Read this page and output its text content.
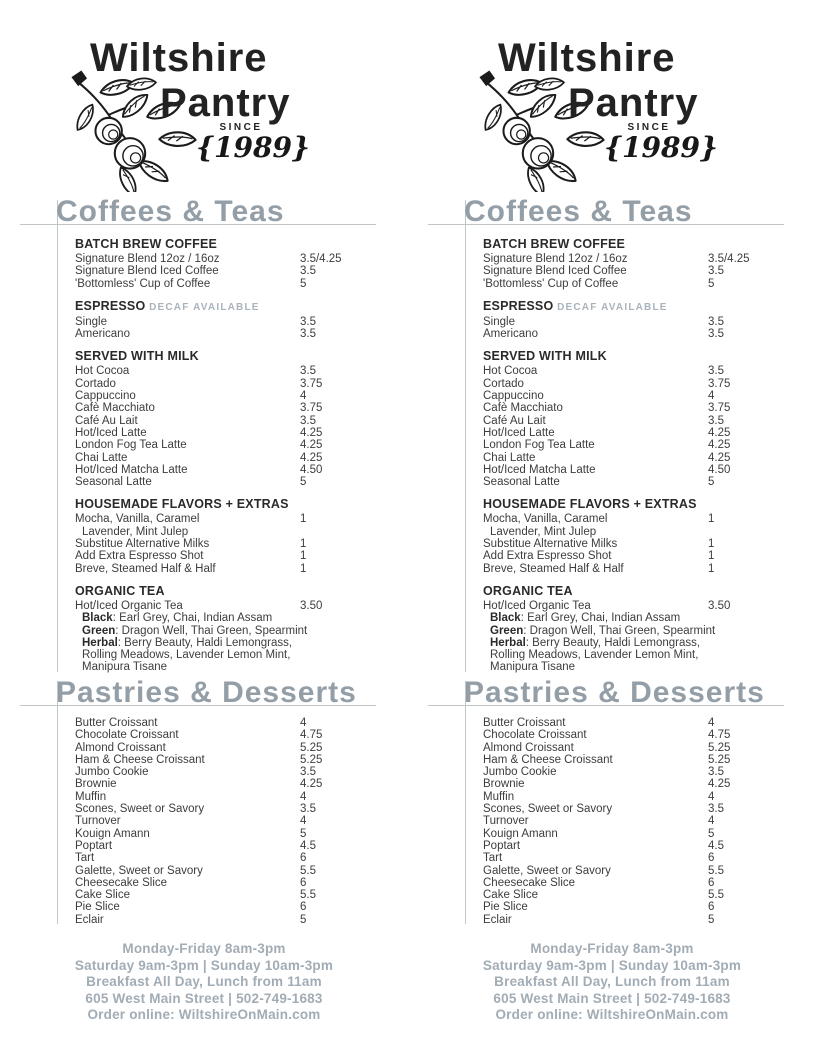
Wiltshire
Pantry
SINCE
{1989}
Coffees & Teas
BATCH BREW COFFEE
Signature Blend 12oz / 16oz	3.5/4.25
Signature Blend Iced Coffee	3.5
'Bottomless' Cup of Coffee	5
ESPRESSO DECAF AVAILABLE
Single	3.5
Americano	3.5
SERVED WITH MILK
Hot Cocoa	3.5
Cortado	3.75
Cappuccino	4
Cafè Macchiato	3.75
Café Au Lait	3.5
Hot/Iced Latte	4.25
London Fog Tea Latte	4.25
Chai Latte	4.25
Hot/Iced Matcha Latte	4.50
Seasonal Latte	5
HOUSEMADE FLAVORS + EXTRAS
Mocha, Vanilla, Caramel	1
Lavender, Mint Julep
Substitue Alternative Milks	1
Add Extra Espresso Shot	1
Breve, Steamed Half & Half	1
ORGANIC TEA
Hot/Iced Organic Tea	3.50
Black: Earl Grey, Chai, Indian Assam
Green: Dragon Well, Thai Green, Spearmint
Herbal: Berry Beauty, Haldi Lemongrass, Rolling Meadows, Lavender Lemon Mint, Manipura Tisane
Pastries & Desserts
Butter Croissant	4
Chocolate Croissant	4.75
Almond Croissant	5.25
Ham & Cheese Croissant	5.25
Jumbo Cookie	3.5
Brownie	4.25
Muffin	4
Scones, Sweet or Savory	3.5
Turnover	4
Kouign Amann	5
Poptart	4.5
Tart	6
Galette, Sweet or Savory	5.5
Cheesecake Slice	6
Cake Slice	5.5
Pie Slice	6
Eclair	5
Monday-Friday 8am-3pm
Saturday 9am-3pm | Sunday 10am-3pm
Breakfast All Day, Lunch from 11am
605 West Main Street | 502-749-1683
Order online: WiltshireOnMain.com
Wiltshire
Pantry
SINCE
{1989}
Coffees & Teas
BATCH BREW COFFEE
Signature Blend 12oz / 16oz	3.5/4.25
Signature Blend Iced Coffee	3.5
'Bottomless' Cup of Coffee	5
ESPRESSO DECAF AVAILABLE
Single	3.5
Americano	3.5
SERVED WITH MILK
Hot Cocoa	3.5
Cortado	3.75
Cappuccino	4
Cafè Macchiato	3.75
Café Au Lait	3.5
Hot/Iced Latte	4.25
London Fog Tea Latte	4.25
Chai Latte	4.25
Hot/Iced Matcha Latte	4.50
Seasonal Latte	5
HOUSEMADE FLAVORS + EXTRAS
Mocha, Vanilla, Caramel	1
Lavender, Mint Julep
Substitue Alternative Milks	1
Add Extra Espresso Shot	1
Breve, Steamed Half & Half	1
ORGANIC TEA
Hot/Iced Organic Tea	3.50
Black: Earl Grey, Chai, Indian Assam
Green: Dragon Well, Thai Green, Spearmint
Herbal: Berry Beauty, Haldi Lemongrass, Rolling Meadows, Lavender Lemon Mint, Manipura Tisane
Pastries & Desserts
Butter Croissant	4
Chocolate Croissant	4.75
Almond Croissant	5.25
Ham & Cheese Croissant	5.25
Jumbo Cookie	3.5
Brownie	4.25
Muffin	4
Scones, Sweet or Savory	3.5
Turnover	4
Kouign Amann	5
Poptart	4.5
Tart	6
Galette, Sweet or Savory	5.5
Cheesecake Slice	6
Cake Slice	5.5
Pie Slice	6
Eclair	5
Monday-Friday 8am-3pm
Saturday 9am-3pm | Sunday 10am-3pm
Breakfast All Day, Lunch from 11am
605 West Main Street | 502-749-1683
Order online: WiltshireOnMain.com
